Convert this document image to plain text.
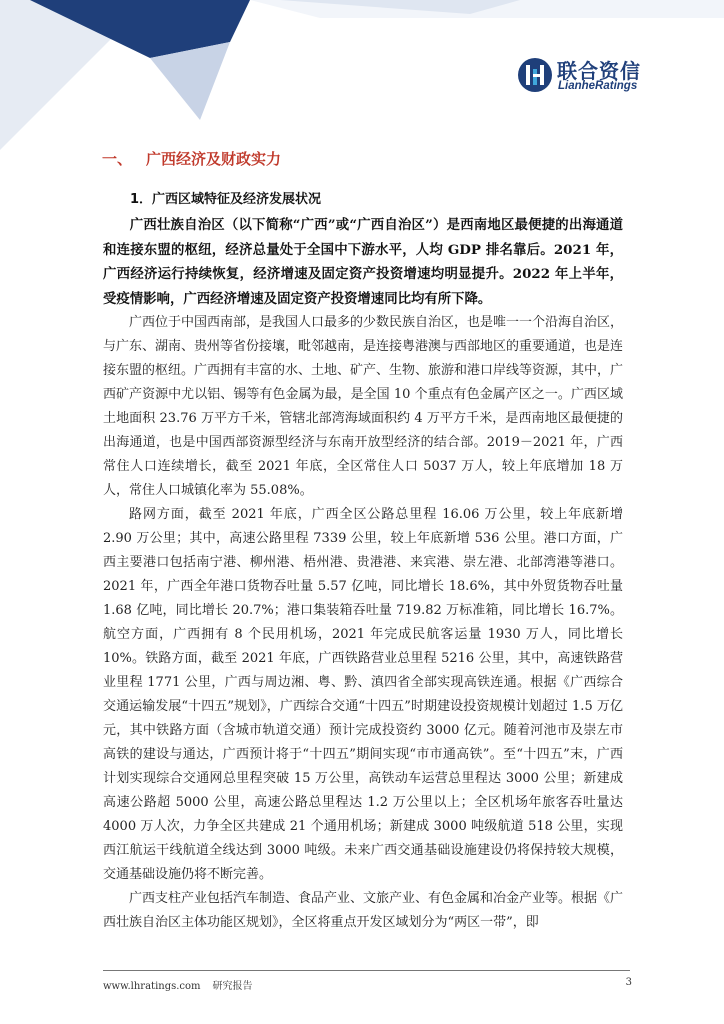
联合资信
LianheRatings
一、 广西经济及财政实力
1．广西区域特征及经济发展状况

广西壮族自治区（以下简称“广西”或“广西自治区”）是西南地区最便捷的出海通道和连接东盟的枢纽，经济总量处于全国中下游水平，人均 GDP 排名靠后。2021 年，广西经济运行持续恢复，经济增速及固定资产投资增速均明显提升。2022 年上半年，受疫情影响，广西经济增速及固定资产投资增速同比均有所下降。

广西位于中国西南部，是我国人口最多的少数民族自治区，也是唯一一个沿海自治区，与广东、湖南、贵州等省份接壤，毗邻越南，是连接粤港澳与西部地区的重要通道，也是连接东盟的枢纽。广西拥有丰富的水、土地、矿产、生物、旅游和港口岸线等资源，其中，广西矿产资源中尤以铝、锡等有色金属为最，是全国 10 个重点有色金属产区之一。广西区域土地面积 23.76 万平方千米，管辖北部湾海域面积约 4 万平方千米，是西南地区最便捷的出海通道，也是中国西部资源型经济与东南开放型经济的结合部。2019－2021 年，广西常住人口连续增长，截至 2021 年底，全区常住人口 5037 万人，较上年底增加 18 万人，常住人口城镇化率为 55.08%。

路网方面，截至 2021 年底，广西全区公路总里程 16.06 万公里，较上年底新增 2.90 万公里；其中，高速公路里程 7339 公里，较上年底新增 536 公里。港口方面，广西主要港口包括南宁港、柳州港、梧州港、贵港港、来宾港、崇左港、北部湾港等港口。2021 年，广西全年港口货物吞吐量 5.57 亿吨，同比增长 18.6%，其中外贸货物吞吐量 1.68 亿吨，同比增长 20.7%；港口集装箱吞吐量 719.82 万标准箱，同比增长 16.7%。航空方面，广西拥有 8 个民用机场，2021 年完成民航客运量 1930 万人，同比增长 10%。铁路方面，截至 2021 年底，广西铁路营业总里程 5216 公里，其中，高速铁路营业里程 1771 公里，广西与周边湘、粤、黔、滇四省全部实现高铁连通。根据《广西综合交通运输发展“十四五”规划》，广西综合交通“十四五”时期建设投资规模计划超过 1.5 万亿元，其中铁路方面（含城市轨道交通）预计完成投资约 3000 亿元。随着河池市及崇左市高铁的建设与通达，广西预计将于“十四五”期间实现“市市通高铁”。至“十四五”末，广西计划实现综合交通网总里程突破 15 万公里，高铁动车运营总里程达 3000 公里；新建成高速公路超 5000 公里，高速公路总里程达 1.2 万公里以上；全区机场年旅客吞吐量达 4000 万人次，力争全区共建成 21 个通用机场；新建成 3000 吨级航道 518 公里，实现西江航运干线航道全线达到 3000 吨级。未来广西交通基础设施建设仍将保持较大规模，交通基础设施仍将不断完善。

广西支柱产业包括汽车制造、食品产业、文旅产业、有色金属和冶金产业等。根据《广西壮族自治区主体功能区规划》，全区将重点开发区域划分为“两区一带”，即

www.lhratings.com 研究报告	3
